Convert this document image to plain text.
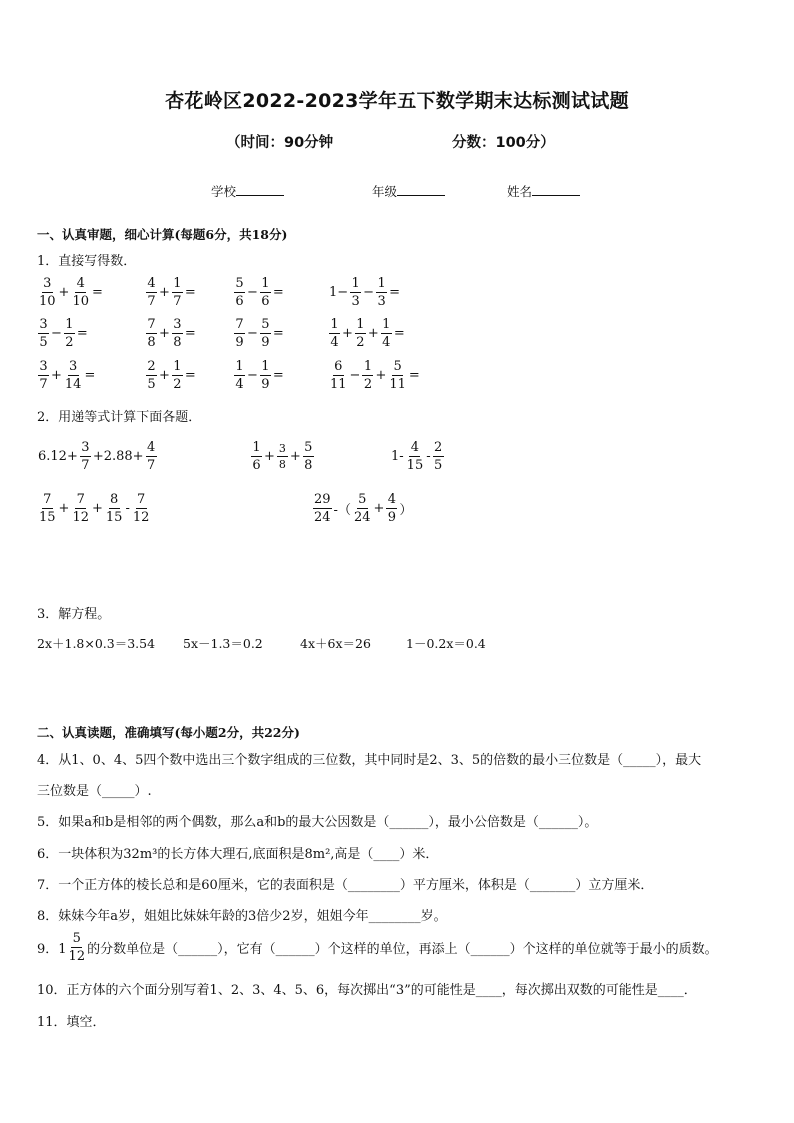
杏花岭区2022-2023学年五下数学期末达标测试试题
（时间：90分钟	分数：100分）
学校	年级	姓名
一、认真审题，细心计算(每题6分，共18分)
1．直接写得数．
2．用递等式计算下面各题．
3．解方程。
2x＋1.8×0.3＝3.54 5x－1.3＝0.2	4x＋6x＝26	1－0.2x＝0.4
二、认真读题，准确填写(每小题2分，共22分)
4．从1、0、4、5四个数中选出三个数字组成的三位数，其中同时是2、3、5的倍数的最小三位数是（_____），最大
三位数是（_____）.
5．如果a和b是相邻的两个偶数，那么a和b的最大公因数是（______），最小公倍数是（______）。
6．一块体积为32m³的长方体大理石,底面积是8m²,高是（____）米．
7．一个正方体的棱长总和是60厘米，它的表面积是（________）平方厘米，体积是（_______）立方厘米．
8．妹妹今年a岁，姐姐比妹妹年龄的3倍少2岁，姐姐今年________岁。
9．$1 \frac{5}{12}$ 的分数单位是（______），它有（______）个这样的单位，再添上（______）个这样的单位就等于最小的质数。
10．正方体的六个面分别写着1、2、3、4、5、6，每次掷出“3”的可能性是____，每次掷出双数的可能性是____．
11．填空．
$\frac{3}{10} + \frac{4}{10}$ =	$\frac{4}{7} + \frac{1}{7}$ =	$\frac{5}{6} - \frac{1}{6}$ =	$1- \frac{1}{3} - \frac{1}{3}$ =
$\frac{3}{5} - \frac{1}{2}$ =	$\frac{7}{8} + \frac{3}{8}$ =	$\frac{7}{9} - \frac{5}{9}$ =	$\frac{1}{4} + \frac{1}{2} + \frac{1}{4}$ =
$\frac{3}{7} + \frac{3}{14}$ =	$\frac{2}{5} + \frac{1}{2}$ =	$\frac{1}{4} - \frac{1}{9}$ =	$\frac{6}{11} - \frac{1}{2} + \frac{5}{11}$ =
$6.12+ \frac{3}{7} +2.88+ \frac{4}{7}$	$\frac{1}{6} + \frac{3}{8} + \frac{5}{8}$	$1- \frac{4}{15} - \frac{2}{5}$
$\frac{7}{15} + \frac{7}{12} + \frac{8}{15} - \frac{7}{12}$	$\frac{29}{24}$ -（ $\frac{5}{24} + \frac{4}{9}$ ）
